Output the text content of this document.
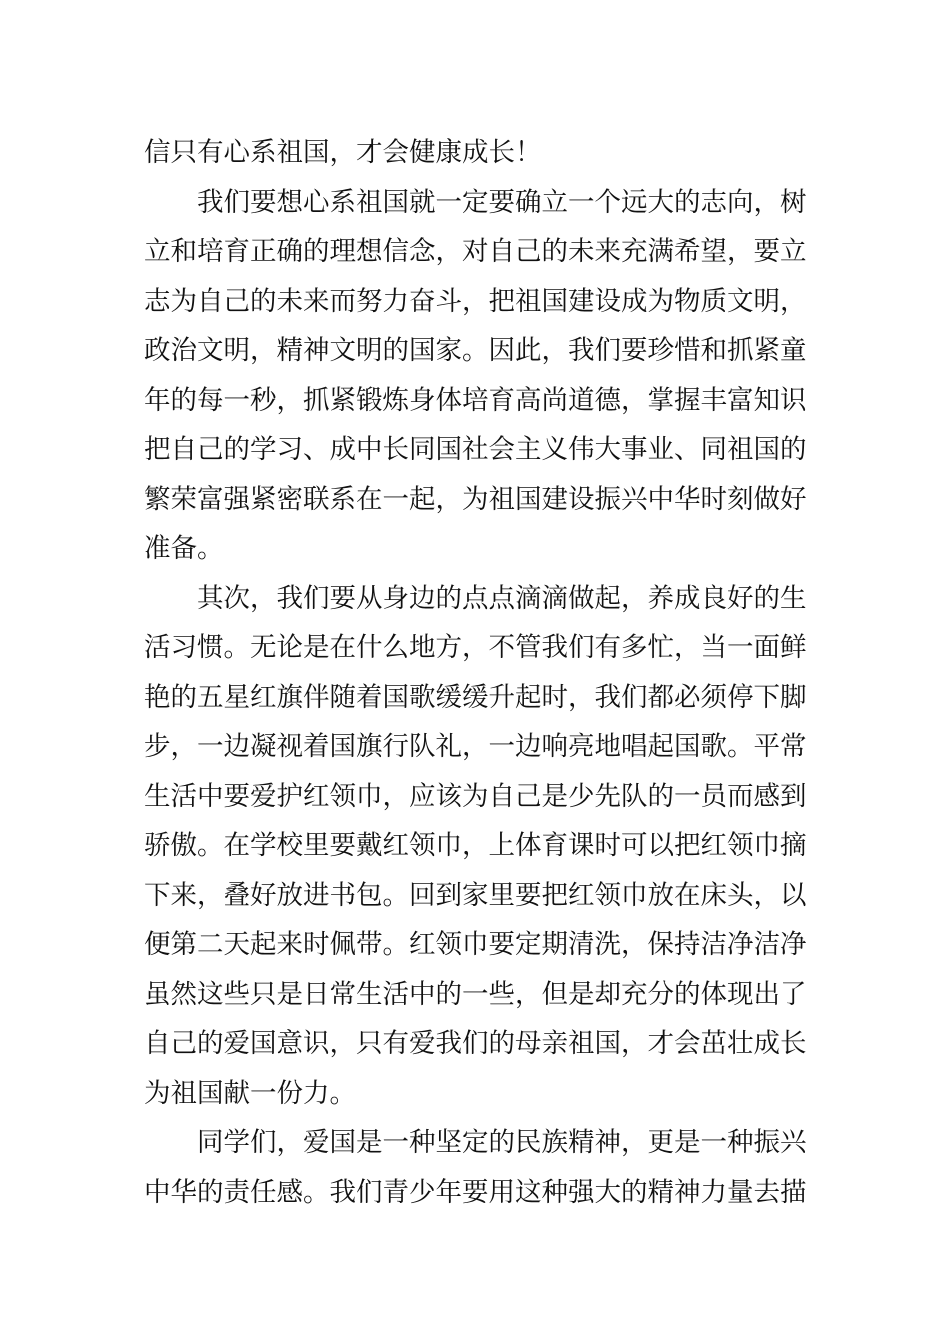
信只有心系祖国，才会健康成长！

我们要想心系祖国就一定要确立一个远大的志向，树
立和培育正确的理想信念，对自己的未来充满希望，要立
志为自己的未来而努力奋斗，把祖国建设成为物质文明，
政治文明，精神文明的国家。因此，我们要珍惜和抓紧童
年的每一秒，抓紧锻炼身体培育高尚道德，掌握丰富知识
把自己的学习、成中长同国社会主义伟大事业、同祖国的
繁荣富强紧密联系在一起，为祖国建设振兴中华时刻做好
准备。

其次，我们要从身边的点点滴滴做起，养成良好的生
活习惯。无论是在什么地方，不管我们有多忙，当一面鲜
艳的五星红旗伴随着国歌缓缓升起时，我们都必须停下脚
步，一边凝视着国旗行队礼，一边响亮地唱起国歌。平常
生活中要爱护红领巾，应该为自己是少先队的一员而感到
骄傲。在学校里要戴红领巾，上体育课时可以把红领巾摘
下来，叠好放进书包。回到家里要把红领巾放在床头，以
便第二天起来时佩带。红领巾要定期清洗，保持洁净洁净
虽然这些只是日常生活中的一些，但是却充分的体现出了
自己的爱国意识，只有爱我们的母亲祖国，才会茁壮成长
为祖国献一份力。

同学们，爱国是一种坚定的民族精神，更是一种振兴
中华的责任感。我们青少年要用这种强大的精神力量去描
